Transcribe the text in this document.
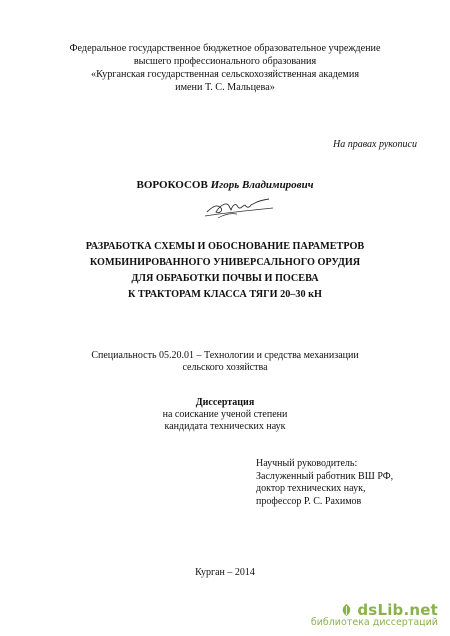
Федеральное государственное бюджетное образовательное учреждение
высшего профессионального образования
«Курганская государственная сельскохозяйственная академия
имени Т. С. Мальцева»
На правах рукописи
ВОРОКОСОВ Игорь Владимирович
РАЗРАБОТКА СХЕМЫ И ОБОСНОВАНИЕ ПАРАМЕТРОВ
КОМБИНИРОВАННОГО УНИВЕРСАЛЬНОГО ОРУДИЯ
ДЛЯ ОБРАБОТКИ ПОЧВЫ И ПОСЕВА
К ТРАКТОРАМ КЛАССА ТЯГИ 20–30 кН
Специальность 05.20.01 – Технологии и средства механизации
сельского хозяйства
Диссертация
на соискание ученой степени
кандидата технических наук
Научный руководитель:
Заслуженный работник ВШ РФ,
доктор технических наук,
профессор Р. С. Рахимов
Курган – 2014
dsLib.net
библиотека диссертаций
